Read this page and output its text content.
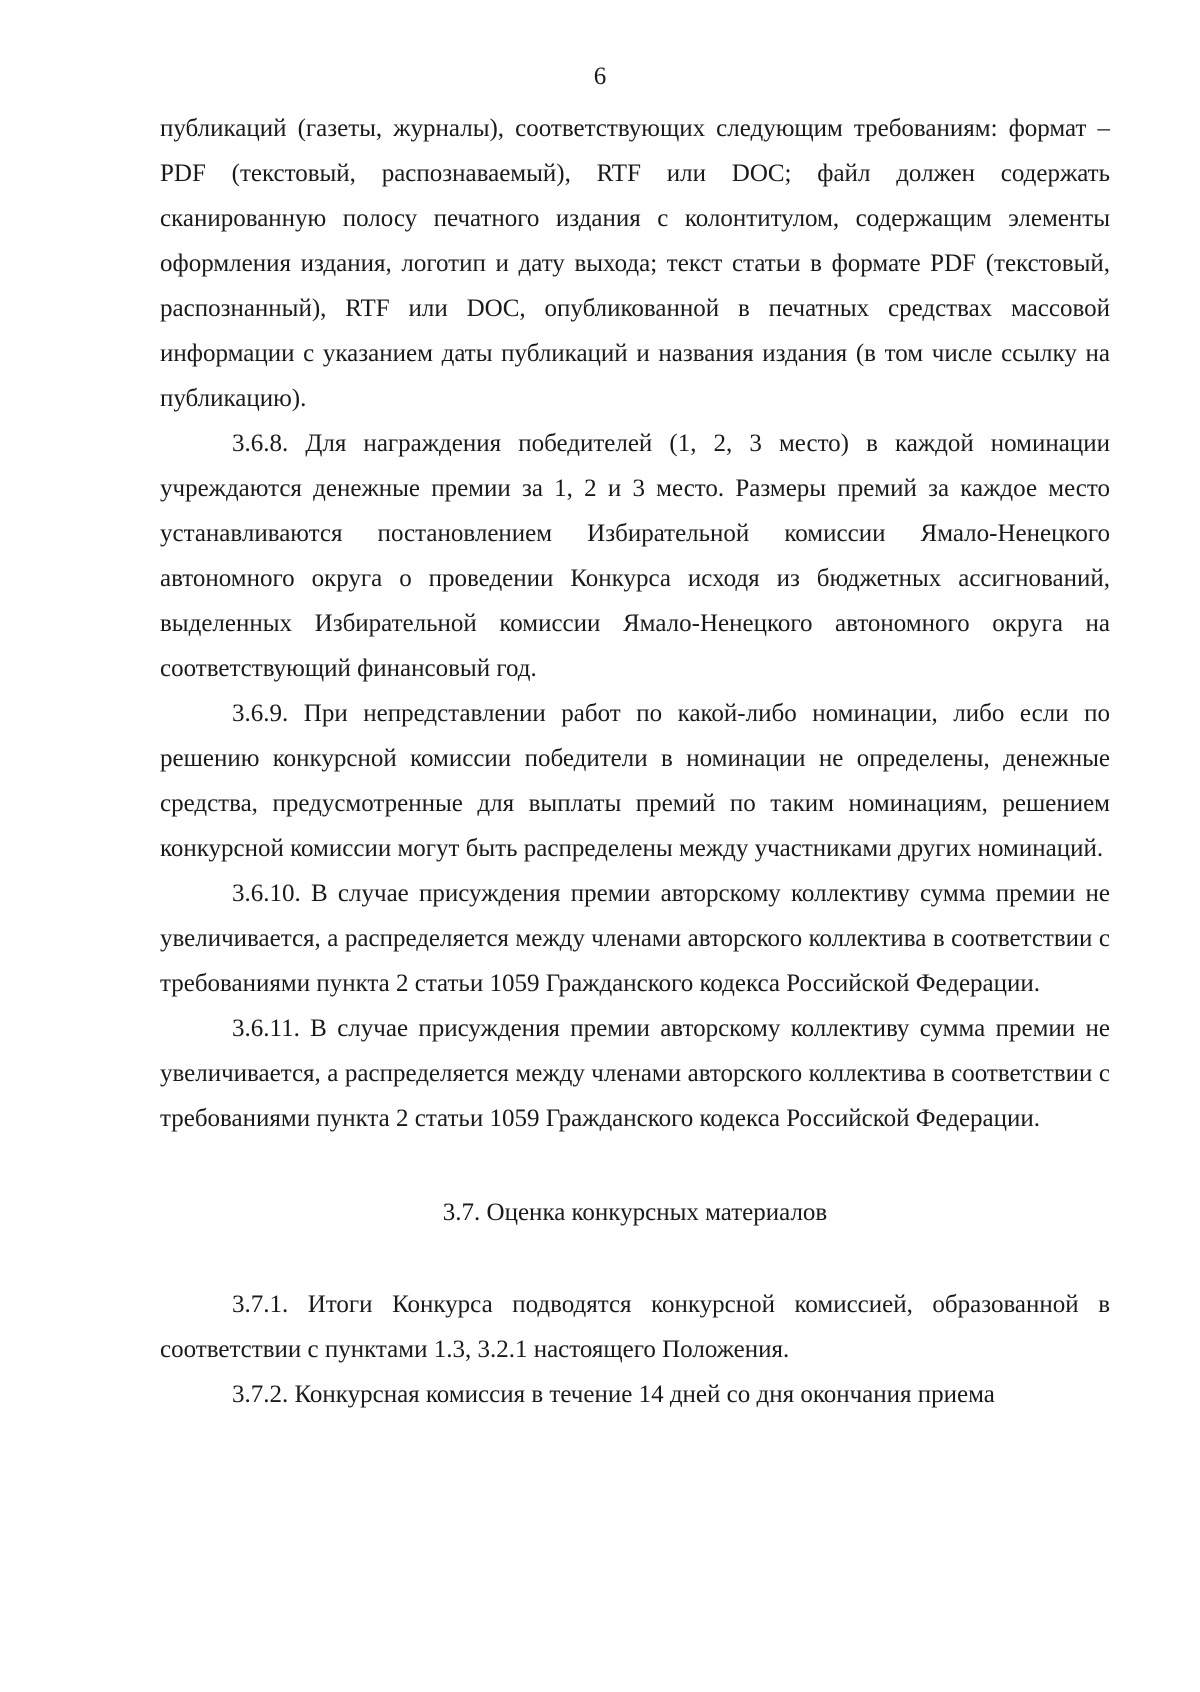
6

публикаций (газеты, журналы), соответствующих следующим требованиям: формат – PDF (текстовый, распознаваемый), RTF или DOC; файл должен содержать сканированную полосу печатного издания с колонтитулом, содержащим элементы оформления издания, логотип и дату выхода; текст статьи в формате PDF (текстовый, распознанный), RTF или DOC, опубликованной в печатных средствах массовой информации с указанием даты публикаций и названия издания (в том числе ссылку на публикацию).

3.6.8. Для награждения победителей (1, 2, 3 место) в каждой номинации учреждаются денежные премии за 1, 2 и 3 место. Размеры премий за каждое место устанавливаются постановлением Избирательной комиссии Ямало-Ненецкого автономного округа о проведении Конкурса исходя из бюджетных ассигнований, выделенных Избирательной комиссии Ямало-Ненецкого автономного округа на соответствующий финансовый год.

3.6.9. При непредставлении работ по какой-либо номинации, либо если по решению конкурсной комиссии победители в номинации не определены, денежные средства, предусмотренные для выплаты премий по таким номинациям, решением конкурсной комиссии могут быть распределены между участниками других номинаций.

3.6.10. В случае присуждения премии авторскому коллективу сумма премии не увеличивается, а распределяется между членами авторского коллектива в соответствии с требованиями пункта 2 статьи 1059 Гражданского кодекса Российской Федерации.

3.6.11. В случае присуждения премии авторскому коллективу сумма премии не увеличивается, а распределяется между членами авторского коллектива в соответствии с требованиями пункта 2 статьи 1059 Гражданского кодекса Российской Федерации.

3.7. Оценка конкурсных материалов

3.7.1. Итоги Конкурса подводятся конкурсной комиссией, образованной в соответствии с пунктами 1.3, 3.2.1 настоящего Положения.

3.7.2. Конкурсная комиссия в течение 14 дней со дня окончания приема
